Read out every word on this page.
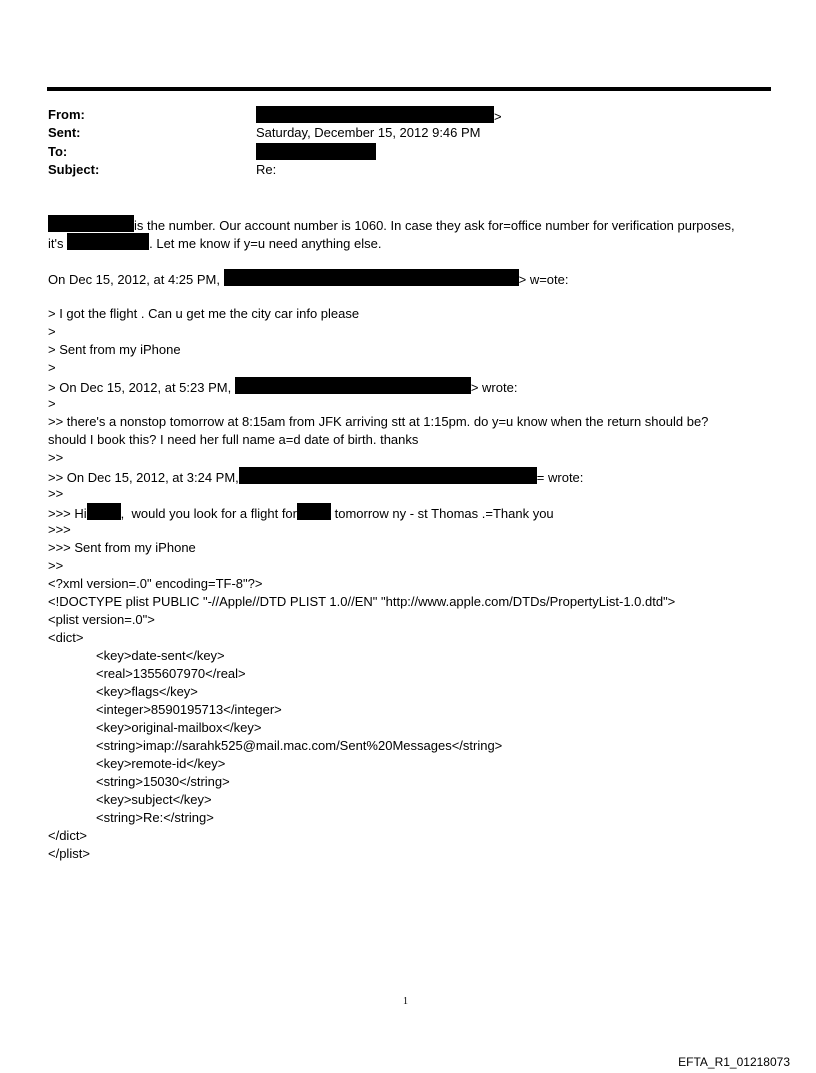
From:	>
Sent:	Saturday, December 15, 2012 9:46 PM
To:
Subject:	Re:
is the number. Our account number is 1060. In case they ask for=office number for verification purposes,
it's	. Let me know if y=u need anything else.
On Dec 15, 2012, at 4:25 PM,	> w=ote:
> I got the flight . Can u get me the city car info please
>
> Sent from my iPhone
>
> On Dec 15, 2012, at 5:23 PM,	> wrote:
>
>> there's a nonstop tomorrow at 8:15am from JFK arriving stt at 1:15pm. do y=u know when the return should be?
should I book this? I need her full name a=d date of birth. thanks
>>
>> On Dec 15, 2012, at 3:24 PM,	= wrote:
>>
>>> Hi	,  would you look for a flight for	tomorrow ny - st Thomas .=Thank you
>>>
>>> Sent from my iPhone
>>
<?xml version=.0" encoding=TF-8"?>
<!DOCTYPE plist PUBLIC "-//Apple//DTD PLIST 1.0//EN" "http://www.apple.com/DTDs/PropertyList-1.0.dtd">
<plist version=.0">
<dict>
<key>date-sent</key>
<real>1355607970</real>
<key>flags</key>
<integer>8590195713</integer>
<key>original-mailbox</key>
<string>imap://sarahk525@mail.mac.com/Sent%20Messages</string>
<key>remote-id</key>
<string>15030</string>
<key>subject</key>
<string>Re:</string>
</dict>
</plist>
1
EFTA_R1_01218073
